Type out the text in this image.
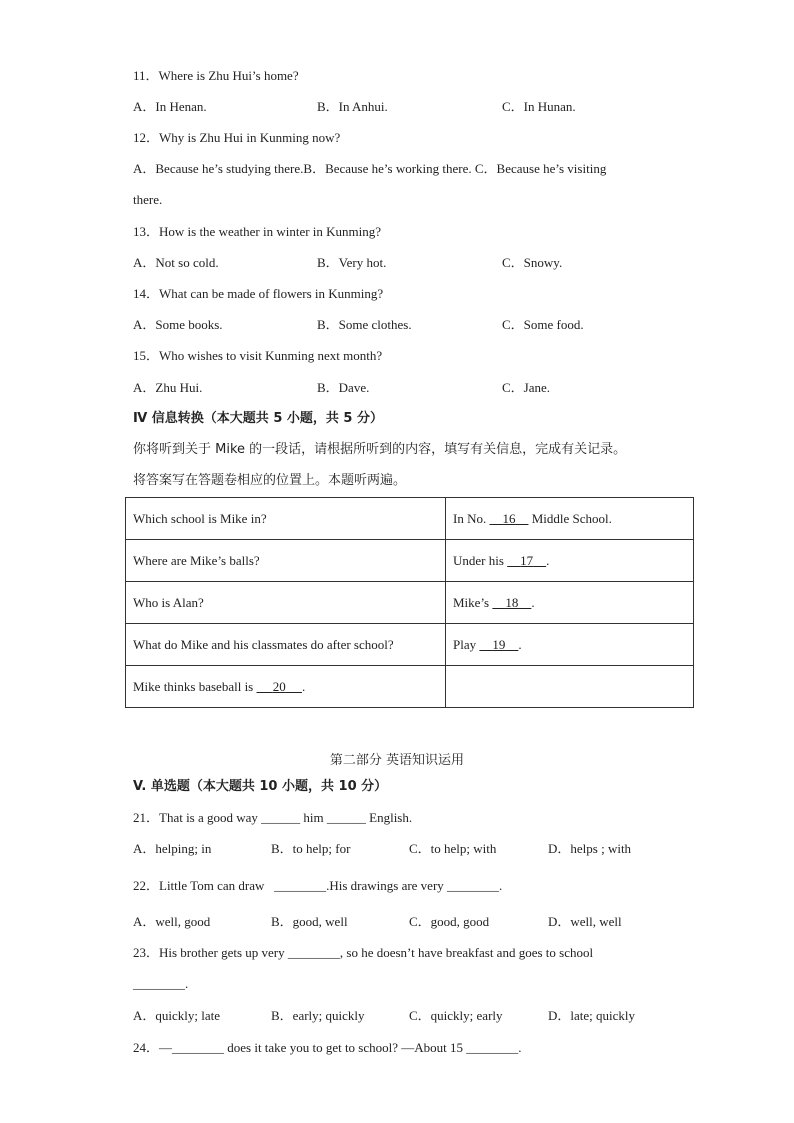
11．Where is Zhu Hui’s home?
A．In Henan.	B．In Anhui.	C．In Hunan.
12．Why is Zhu Hui in Kunming now?
A．Because he’s studying there.B．Because he’s working there. C．Because he’s visiting
there.
13．How is the weather in winter in Kunming?
A．Not so cold.	B．Very hot.	C．Snowy.
14．What can be made of flowers in Kunming?
A．Some books.	B．Some clothes.	C．Some food.
15．Who wishes to visit Kunming next month?
A．Zhu Hui.	B．Dave.	C．Jane.
Ⅳ 信息转换（本大题共 5 小题，共 5 分）
你将听到关于 Mike 的一段话，请根据所听到的内容，填写有关信息，完成有关记录。
将答案写在答题卷相应的位置上。本题听两遍。
Which school is Mike in?	In No.     16     Middle School.
Where are Mike’s balls?	Under his     17 .
Who is Alan?	Mike’s     18 .
What do Mike and his classmates do after school?	Play     19 .
Mike thinks baseball is      20 .	
第二部分 英语知识运用
V. 单选题（本大题共 10 小题，共 10 分）
21．That is a good way ______ him ______ English.
A．helping; in	B．to help; for	C．to help; with	D．helps ; with
22．Little Tom can draw   ________.His drawings are very ________.
A．well, good	B．good, well	C．good, good	D．well, well
23．His brother gets up very ________, so he doesn’t have breakfast and goes to school
________.
A．quickly; late	B．early; quickly	C．quickly; early	D．late; quickly
24．—________ does it take you to get to school? —About 15 ________.
